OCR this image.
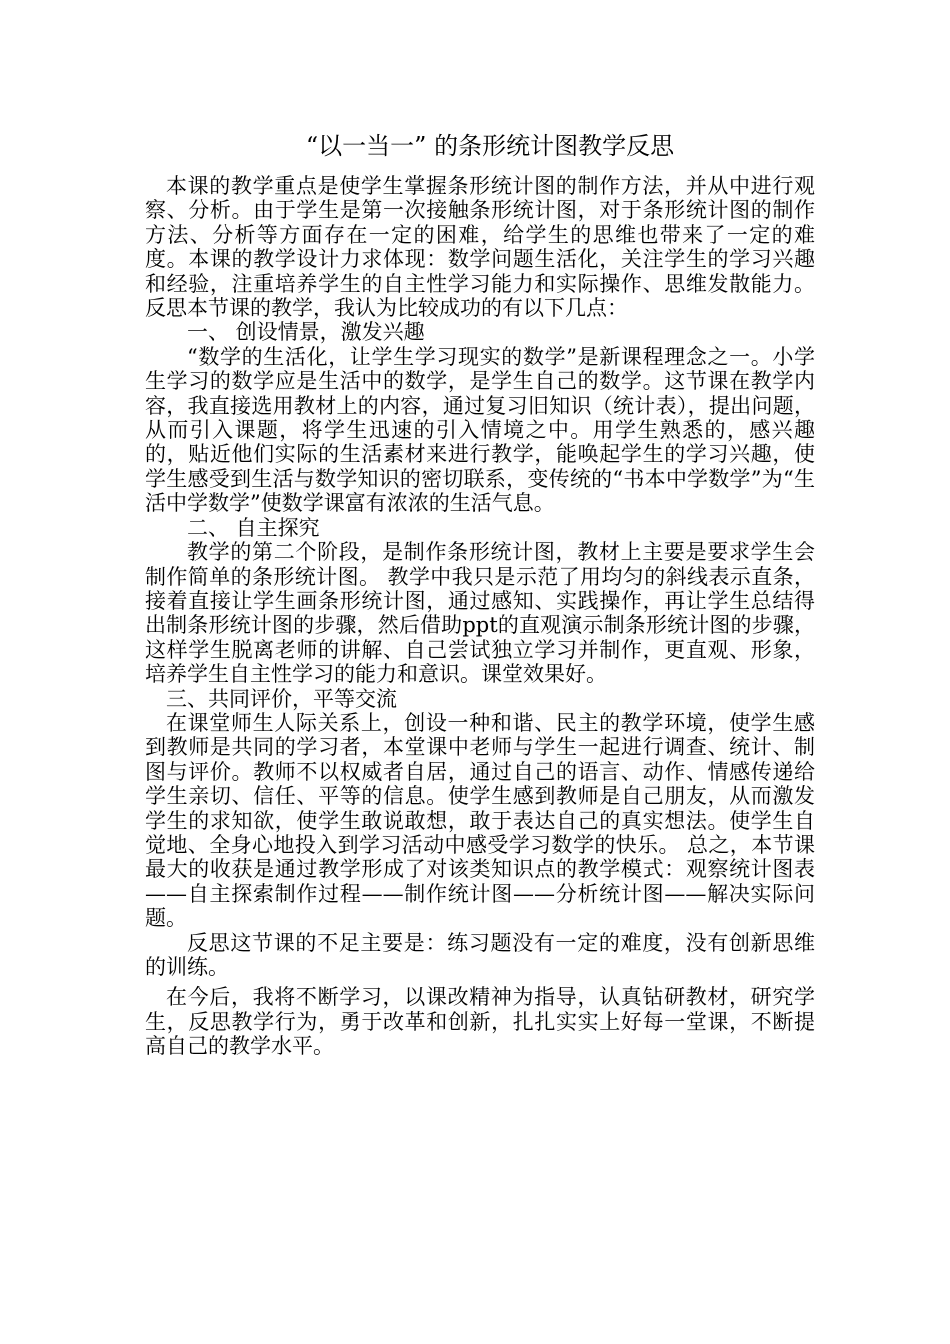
“以一当一” 的条形统计图教学反思

本课的教学重点是使学生掌握条形统计图的制作方法，并从中进行观察、分析。由于学生是第一次接触条形统计图，对于条形统计图的制作方法、分析等方面存在一定的困难，给学生的思维也带来了一定的难度。本课的教学设计力求体现：数学问题生活化，关注学生的学习兴趣和经验，注重培养学生的自主性学习能力和实际操作、思维发散能力。反思本节课的教学，我认为比较成功的有以下几点：

一、 创设情景，激发兴趣

“数学的生活化，让学生学习现实的数学”是新课程理念之一。小学生学习的数学应是生活中的数学，是学生自己的数学。这节课在教学内容，我直接选用教材上的内容，通过复习旧知识（统计表），提出问题，从而引入课题，将学生迅速的引入情境之中。用学生熟悉的，感兴趣的，贴近他们实际的生活素材来进行教学，能唤起学生的学习兴趣，使学生感受到生活与数学知识的密切联系，变传统的“书本中学数学”为“生活中学数学”使数学课富有浓浓的生活气息。

二、 自主探究

教学的第二个阶段，是制作条形统计图，教材上主要是要求学生会制作简单的条形统计图。 教学中我只是示范了用均匀的斜线表示直条，接着直接让学生画条形统计图，通过感知、实践操作，再让学生总结得出制条形统计图的步骤，然后借助ppt的直观演示制条形统计图的步骤，这样学生脱离老师的讲解、自己尝试独立学习并制作，更直观、形象，培养学生自主性学习的能力和意识。课堂效果好。

三、共同评价，平等交流

在课堂师生人际关系上，创设一种和谐、民主的教学环境，使学生感到教师是共同的学习者，本堂课中老师与学生一起进行调查、统计、制图与评价。教师不以权威者自居，通过自己的语言、动作、情感传递给学生亲切、信任、平等的信息。使学生感到教师是自己朋友，从而激发学生的求知欲，使学生敢说敢想，敢于表达自己的真实想法。使学生自觉地、全身心地投入到学习活动中感受学习数学的快乐。 总之，本节课最大的收获是通过教学形成了对该类知识点的教学模式：观察统计图表——自主探索制作过程——制作统计图——分析统计图——解决实际问题。

反思这节课的不足主要是：练习题没有一定的难度，没有创新思维的训练。

在今后，我将不断学习，以课改精神为指导，认真钻研教材，研究学生，反思教学行为，勇于改革和创新，扎扎实实上好每一堂课，不断提高自己的教学水平。
